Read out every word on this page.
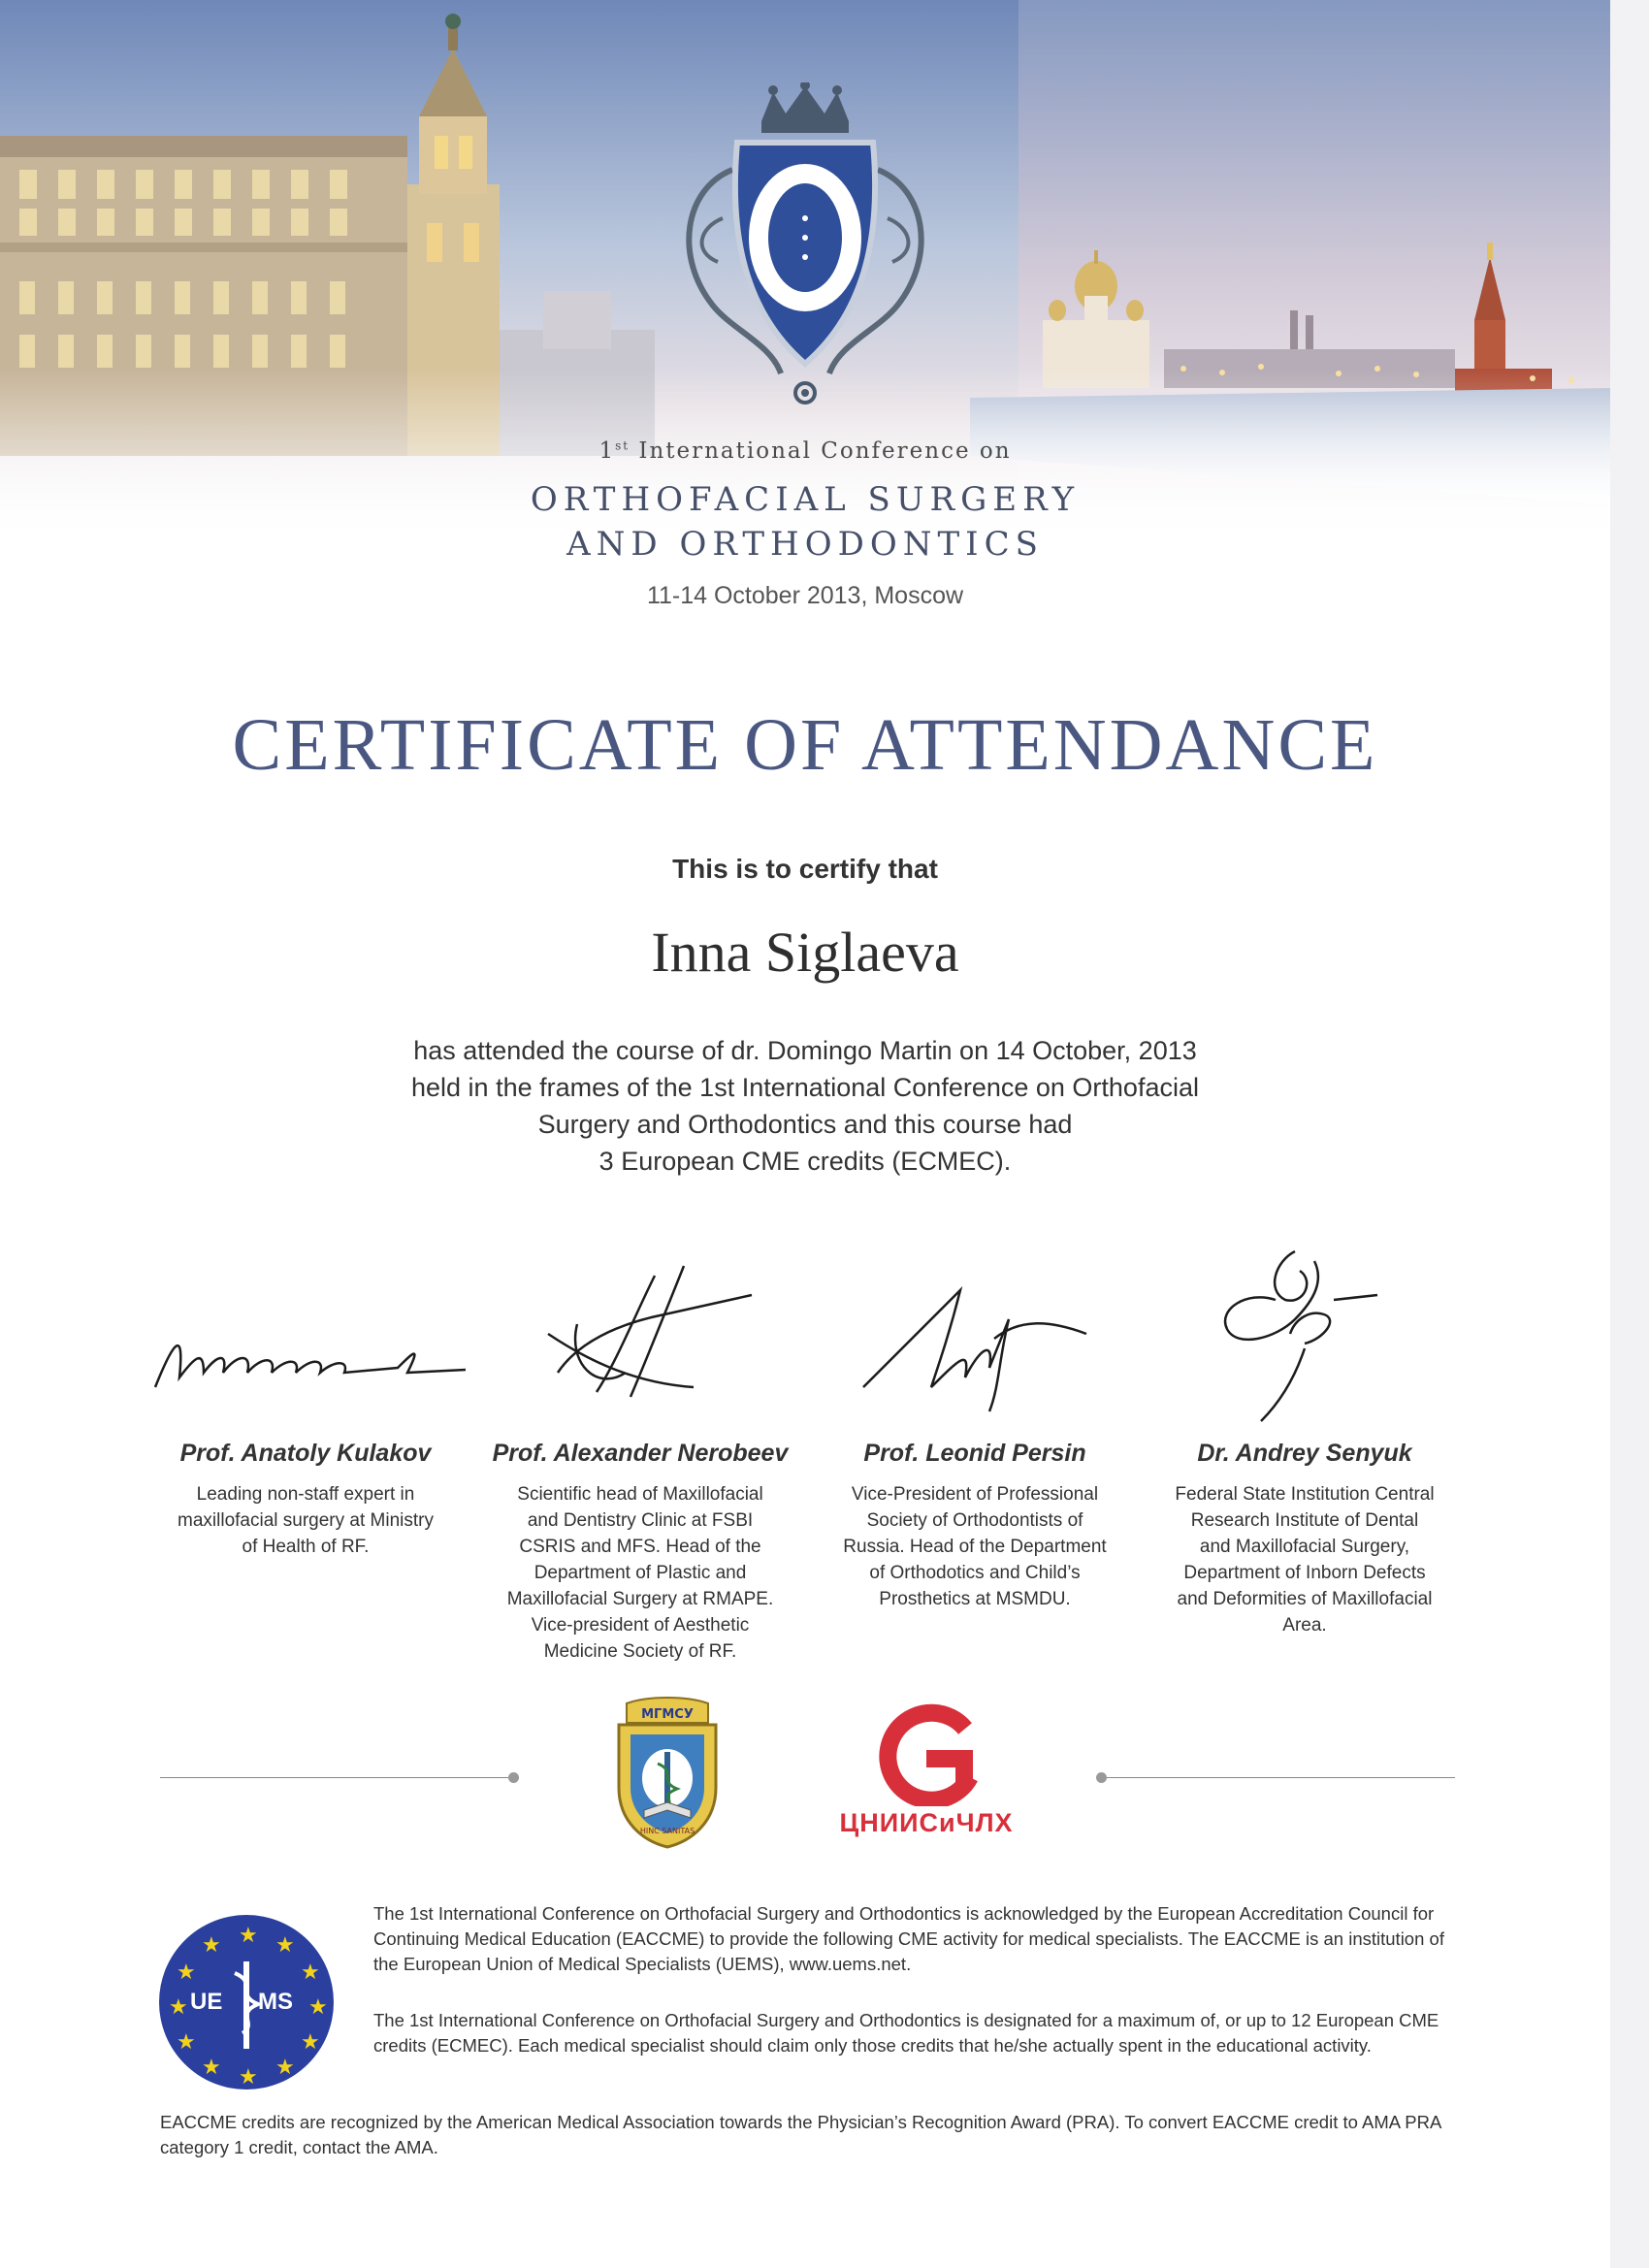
1st International Conference on
ORTHOFACIAL SURGERY
AND ORTHODONTICS
11-14 October 2013, Moscow
CERTIFICATE OF ATTENDANCE
This is to certify that
Inna Siglaeva
has attended the course of dr. Domingo Martin on 14 October, 2013
held in the frames of the 1st International Conference on Orthofacial
Surgery and Orthodontics and this course had
3 European CME credits (ECMEC).
Prof. Anatoly Kulakov
Leading non-staff expert in
maxillofacial surgery at Ministry
of Health of RF.
Prof. Alexander Nerobeev
Scientific head of Maxillofacial
and Dentistry Clinic at FSBI
CSRIS and MFS. Head of the
Department of Plastic and
Maxillofacial Surgery at RMAPE.
Vice-president of Aesthetic
Medicine Society of RF.
Prof. Leonid Persin
Vice-President of Professional
Society of Orthodontists of
Russia. Head of the Department
of Orthodotics and Child’s
Prosthetics at MSMDU.
Dr. Andrey Senyuk
Federal State Institution Central
Research Institute of Dental
and Maxillofacial Surgery,
Department of Inborn Defects
and Deformities of Maxillofacial
Area.
МГМСУ
HINC SANITAS	ЦНИИСиЧЛХ
★ ★
★
★
★
★
★
★
★
★
★
★
UE MS

The 1st International Conference on Orthofacial Surgery and Orthodontics is acknowledged by the European Accreditation Council for Continuing Medical Education (EACCME) to provide the following CME activity for medical specialists. The EACCME is an institution of the European Union of Medical Specialists (UEMS), www.uems.net.

The 1st International Conference on Orthofacial Surgery and Orthodontics is designated for a maximum of, or up to 12 European CME credits (ECMEC). Each medical specialist should claim only those credits that he/she actually spent in the educational activity.

EACCME credits are recognized by the American Medical Association towards the Physician’s Recognition Award (PRA). To convert EACCME credit to AMA PRA category 1 credit, contact the AMA.
